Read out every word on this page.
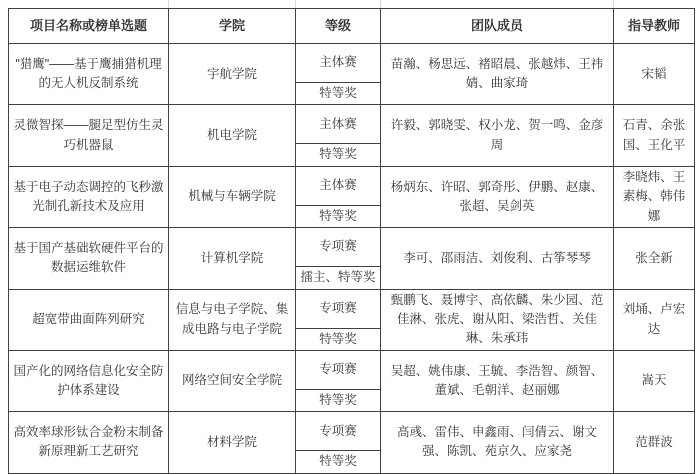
项目名称或榜单选题	学院	等级	团队成员	指导教师
"猎鹰"——基于鹰捕猎机理的无人机反制系统	宇航学院	主体赛	苗瀚、杨思远、褚昭晨、张越炜、王祎婧、曲家琦	宋韬
		特等奖		
灵微智探——腿足型仿生灵巧机器鼠	机电学院	主体赛	许毅、郭晓雯、权小龙、贺一鸣、金彦周	石青、余张国、王化平
		特等奖		
基于电子动态调控的飞秒激光制孔新技术及应用	机械与车辆学院	主体赛	杨炳东、许昭、郭奇彤、伊鹏、赵康、张超、吴剑英	李晓炜、王素梅、韩伟娜
		特等奖		
基于国产基础软硬件平台的数据运维软件	计算机学院	专项赛	李可、邵雨洁、刘俊利、古筝琴琴	张全新
		擂主、特等奖		
超宽带曲面阵列研究	信息与电子学院、集成电路与电子学院	专项赛	甄鹏飞、聂博宇、高依麟、朱少园、范佳淋、张虎、谢从阳、梁浩哲、关佳琳、朱承玮	刘埇、卢宏达
		特等奖		
国产化的网络信息化安全防护体系建设	网络空间安全学院	专项赛	吴超、姚伟康、王毓、李浩智、颜智、董斌、毛朝洋、赵丽娜	嵩天
		特等奖		
高效率球形钛合金粉末制备新原理新工艺研究	材料学院	专项赛	高彧、雷伟、申鑫雨、闫倩云、谢文强、陈凯、苑京久、应家尧	范群波
		特等奖		
